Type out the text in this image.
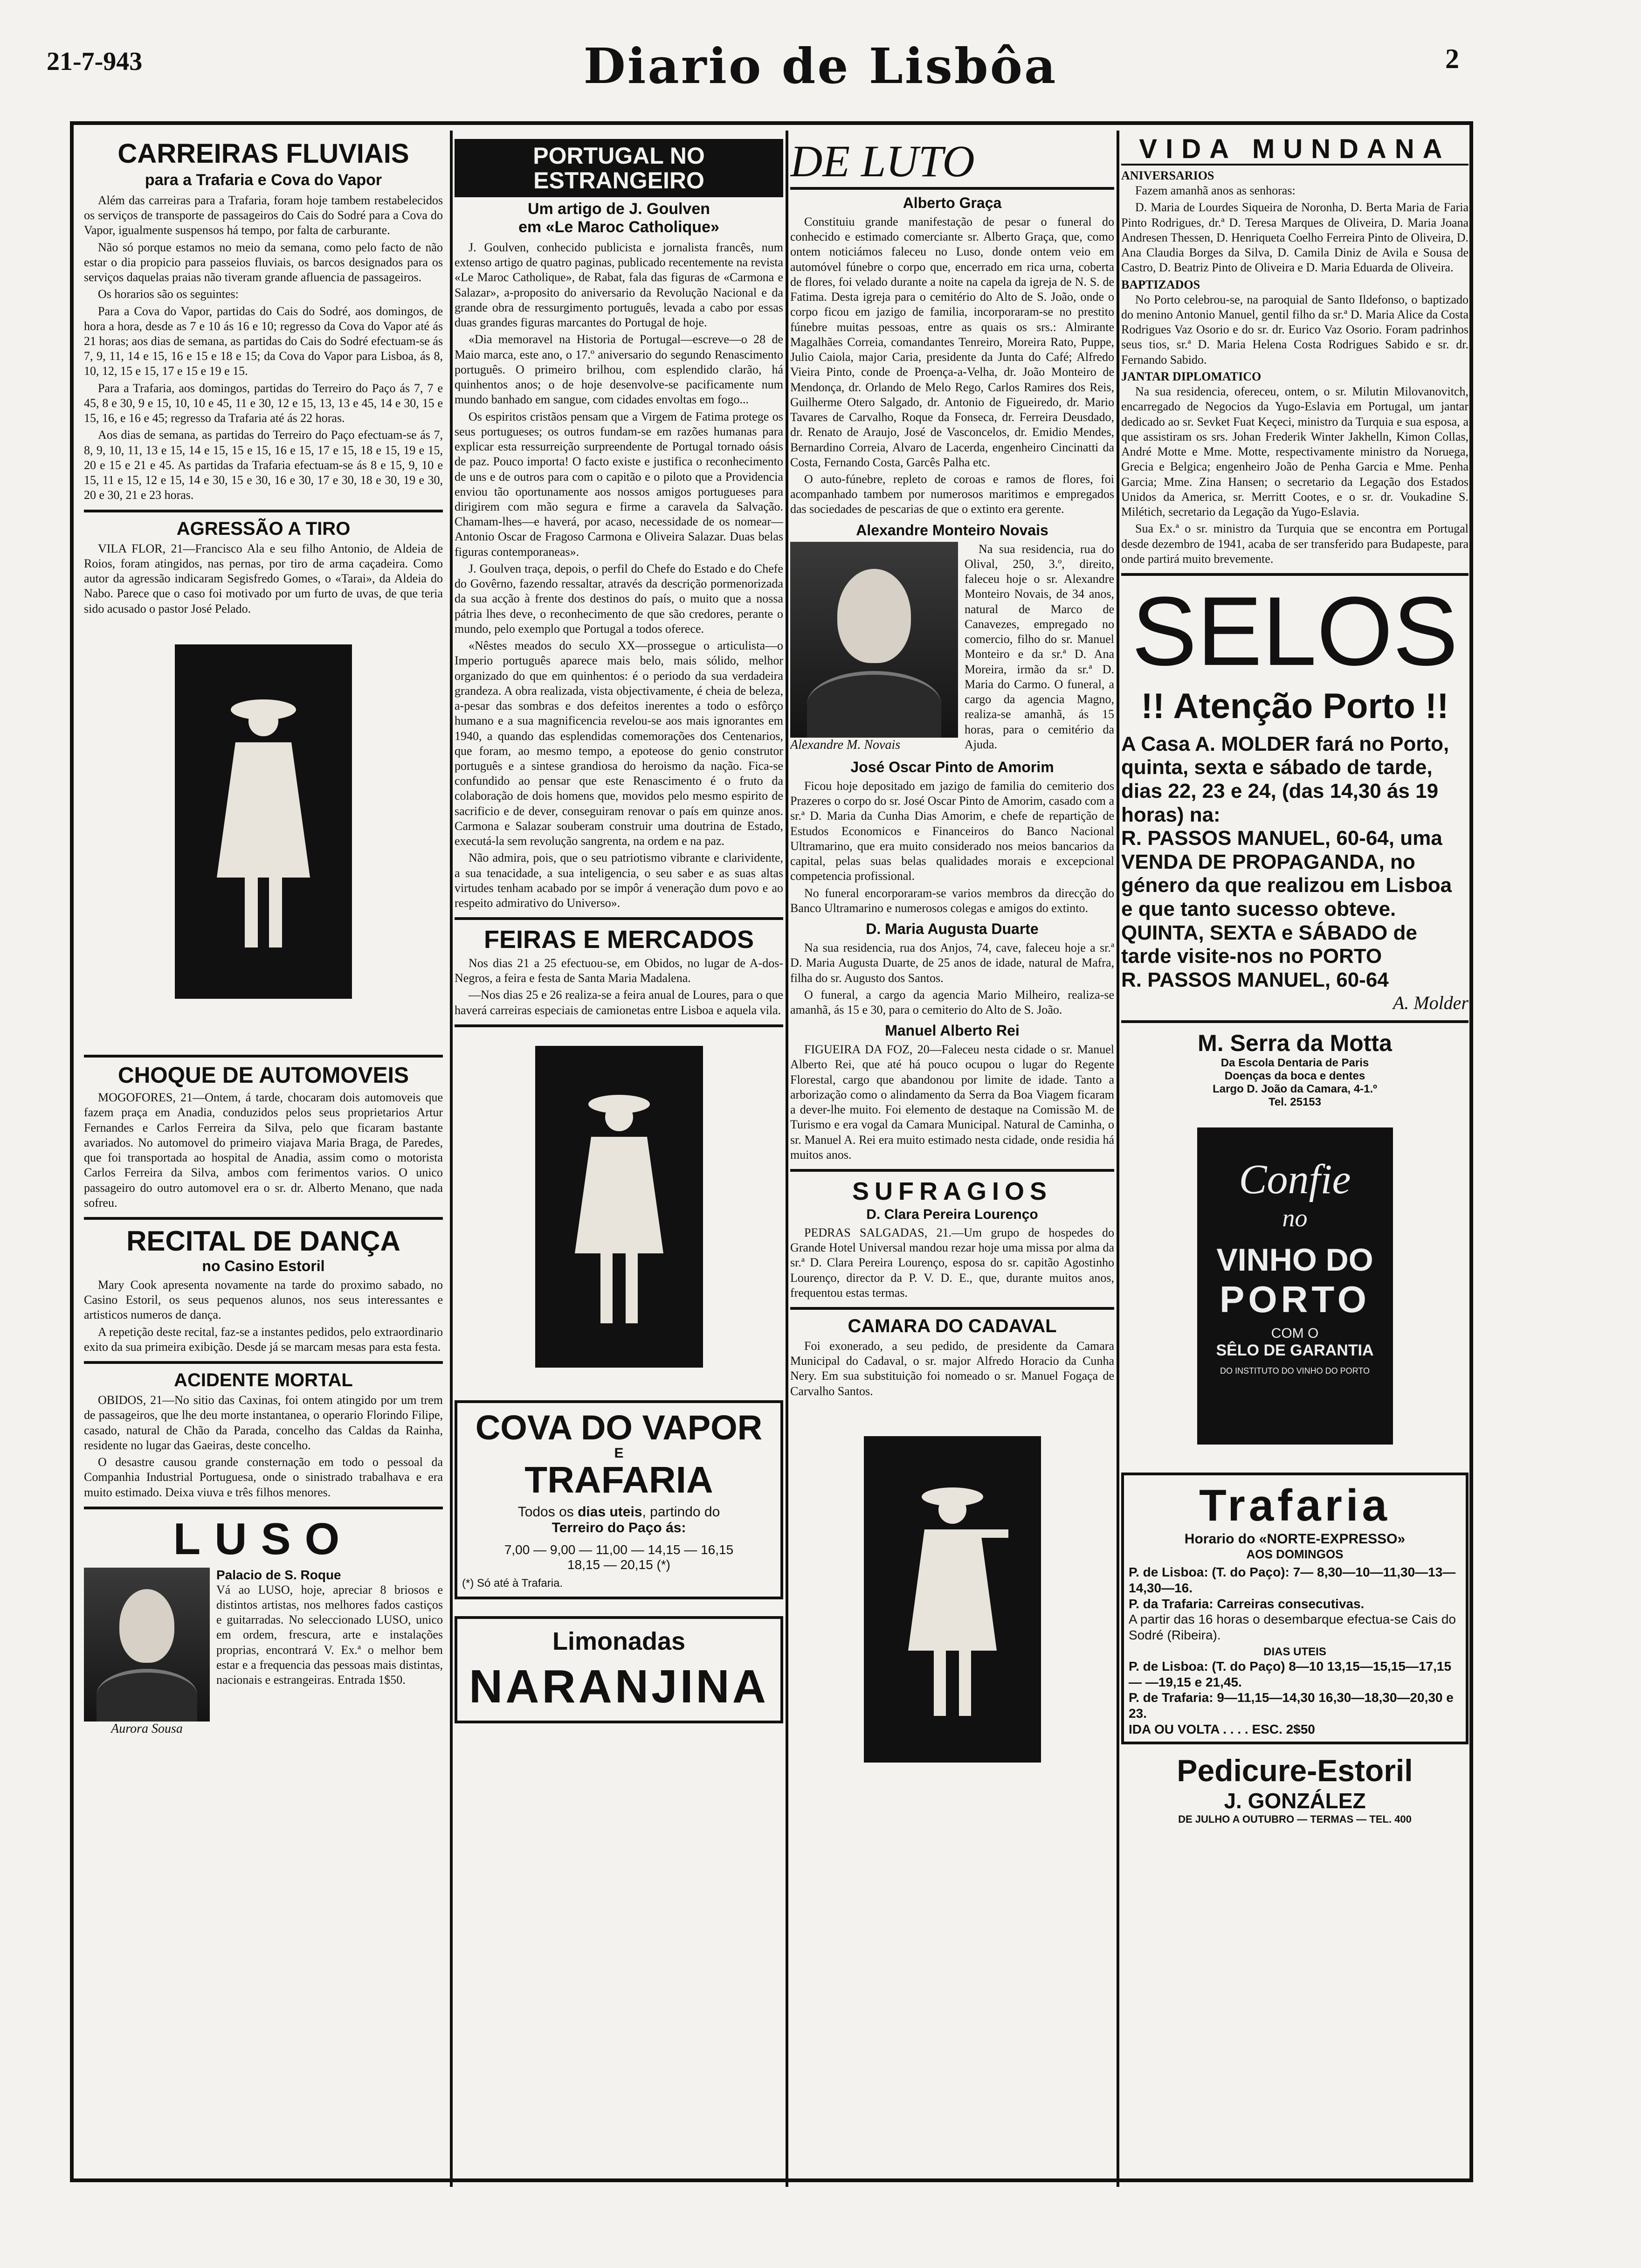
21-7-943	Diario de Lisbôa	2
CARREIRAS FLUVIAIS
para a Trafaria e Cova do Vapor

Além das carreiras para a Trafaria, foram hoje tambem restabelecidos os serviços de transporte de passageiros do Cais do Sodré para a Cova do Vapor, igualmente suspensos há tempo, por falta de carburante.

Não só porque estamos no meio da semana, como pelo facto de não estar o dia propicio para passeios fluviais, os barcos designados para os serviços daquelas praias não tiveram grande afluencia de passageiros.

Os horarios são os seguintes:

Para a Cova do Vapor, partidas do Cais do Sodré, aos domingos, de hora a hora, desde as 7 e 10 ás 16 e 10; regresso da Cova do Vapor até ás 21 horas; aos dias de semana, as partidas do Cais do Sodré efectuam-se ás 7, 9, 11, 14 e 15, 16 e 15 e 18 e 15; da Cova do Vapor para Lisboa, ás 8, 10, 12, 15 e 15, 17 e 15 e 19 e 15.

Para a Trafaria, aos domingos, partidas do Terreiro do Paço ás 7, 7 e 45, 8 e 30, 9 e 15, 10, 10 e 45, 11 e 30, 12 e 15, 13, 13 e 45, 14 e 30, 15 e 15, 16, e 16 e 45; regresso da Trafaria até ás 22 horas.

Aos dias de semana, as partidas do Terreiro do Paço efectuam-se ás 7, 8, 9, 10, 11, 13 e 15, 14 e 15, 15 e 15, 16 e 15, 17 e 15, 18 e 15, 19 e 15, 20 e 15 e 21 e 45. As partidas da Trafaria efectuam-se ás 8 e 15, 9, 10 e 15, 11 e 15, 12 e 15, 14 e 30, 15 e 30, 16 e 30, 17 e 30, 18 e 30, 19 e 30, 20 e 30, 21 e 23 horas.

AGRESSÃO A TIRO

VILA FLOR, 21—Francisco Ala e seu filho Antonio, de Aldeia de Roios, foram atingidos, nas pernas, por tiro de arma caçadeira. Como autor da agressão indicaram Segisfredo Gomes, o «Tarai», da Aldeia do Nabo. Parece que o caso foi motivado por um furto de uvas, de que teria sido acusado o pastor José Pelado.

CHOQUE DE AUTOMOVEIS

MOGOFORES, 21—Ontem, á tarde, chocaram dois automoveis que fazem praça em Anadia, conduzidos pelos seus proprietarios Artur Fernandes e Carlos Ferreira da Silva, pelo que ficaram bastante avariados. No automovel do primeiro viajava Maria Braga, de Paredes, que foi transportada ao hospital de Anadia, assim como o motorista Carlos Ferreira da Silva, ambos com ferimentos varios. O unico passageiro do outro automovel era o sr. dr. Alberto Menano, que nada sofreu.

RECITAL DE DANÇA
no Casino Estoril

Mary Cook apresenta novamente na tarde do proximo sabado, no Casino Estoril, os seus pequenos alunos, nos seus interessantes e artisticos numeros de dança.

A repetição deste recital, faz-se a instantes pedidos, pelo extraordinario exito da sua primeira exibição. Desde já se marcam mesas para esta festa.

ACIDENTE MORTAL

OBIDOS, 21—No sitio das Caxinas, foi ontem atingido por um trem de passageiros, que lhe deu morte instantanea, o operario Florindo Filipe, casado, natural de Chão da Parada, concelho das Caldas da Rainha, residente no lugar das Gaeiras, deste concelho.

O desastre causou grande consternação em todo o pessoal da Companhia Industrial Portuguesa, onde o sinistrado trabalhava e era muito estimado. Deixa viuva e três filhos menores.

LUSO
Aurora Sousa
Palacio de S. Roque
Vá ao LUSO, hoje, apreciar 8 briosos e distintos artistas, nos melhores fados castiços e guitarradas. No seleccionado LUSO, unico em ordem, frescura, arte e instalações proprias, encontrará V. Ex.ª o melhor bem estar e a frequencia das pessoas mais distintas, nacionais e estrangeiras. Entrada 1$50.
PORTUGAL NO ESTRANGEIRO
Um artigo de J. Goulven
em «Le Maroc Catholique»

J. Goulven, conhecido publicista e jornalista francês, num extenso artigo de quatro paginas, publicado recentemente na revista «Le Maroc Catholique», de Rabat, fala das figuras de «Carmona e Salazar», a-proposito do aniversario da Revolução Nacional e da grande obra de ressurgimento português, levada a cabo por essas duas grandes figuras marcantes do Portugal de hoje.

«Dia memoravel na Historia de Portugal—escreve—o 28 de Maio marca, este ano, o 17.º aniversario do segundo Renascimento português. O primeiro brilhou, com esplendido clarão, há quinhentos anos; o de hoje desenvolve-se pacificamente num mundo banhado em sangue, com cidades envoltas em fogo...

Os espiritos cristãos pensam que a Virgem de Fatima protege os seus portugueses; os outros fundam-se em razões humanas para explicar esta ressurreição surpreendente de Portugal tornado oásis de paz. Pouco importa! O facto existe e justifica o reconhecimento de uns e de outros para com o capitão e o piloto que a Providencia enviou tão oportunamente aos nossos amigos portugueses para dirigirem com mão segura e firme a caravela da Salvação. Chamam-lhes—e haverá, por acaso, necessidade de os nomear—Antonio Oscar de Fragoso Carmona e Oliveira Salazar. Duas belas figuras contemporaneas».

J. Goulven traça, depois, o perfil do Chefe do Estado e do Chefe do Govêrno, fazendo ressaltar, através da descrição pormenorizada da sua acção à frente dos destinos do país, o muito que a nossa pátria lhes deve, o reconhecimento de que são credores, perante o mundo, pelo exemplo que Portugal a todos oferece.

«Nêstes meados do seculo XX—prossegue o articulista—o Imperio português aparece mais belo, mais sólido, melhor organizado do que em quinhentos: é o periodo da sua verdadeira grandeza. A obra realizada, vista objectivamente, é cheia de beleza, a-pesar das sombras e dos defeitos inerentes a todo o esfôrço humano e a sua magnificencia revelou-se aos mais ignorantes em 1940, a quando das esplendidas comemorações dos Centenarios, que foram, ao mesmo tempo, a epoteose do genio construtor português e a sintese grandiosa do heroismo da nação. Fica-se confundido ao pensar que este Renascimento é o fruto da colaboração de dois homens que, movidos pelo mesmo espirito de sacrificio e de dever, conseguiram renovar o país em quinze anos. Carmona e Salazar souberam construir uma doutrina de Estado, executá-la sem revolução sangrenta, na ordem e na paz.

Não admira, pois, que o seu patriotismo vibrante e clarividente, a sua tenacidade, a sua inteligencia, o seu saber e as suas altas virtudes tenham acabado por se impôr á veneração dum povo e ao respeito admirativo do Universo».

FEIRAS E MERCADOS

Nos dias 21 a 25 efectuou-se, em Obidos, no lugar de A-dos-Negros, a feira e festa de Santa Maria Madalena.

—Nos dias 25 e 26 realiza-se a feira anual de Loures, para o que haverá carreiras especiais de camionetas entre Lisboa e aquela vila.

COVA DO VAPOR
E
TRAFARIA
Todos os dias uteis, partindo do
Terreiro do Paço ás:
7,00 — 9,00 — 11,00 — 14,15 — 16,15
18,15 — 20,15 (*)
(*) Só até à Trafaria.
Limonadas
NARANJINA
DE LUTO
Alberto Graça

Constituiu grande manifestação de pesar o funeral do conhecido e estimado comerciante sr. Alberto Graça, que, como ontem noticiámos faleceu no Luso, donde ontem veio em automóvel fúnebre o corpo que, encerrado em rica urna, coberta de flores, foi velado durante a noite na capela da igreja de N. S. de Fatima. Desta igreja para o cemitério do Alto de S. João, onde o corpo ficou em jazigo de familia, incorporaram-se no prestito fúnebre muitas pessoas, entre as quais os srs.: Almirante Magalhães Correia, comandantes Tenreiro, Moreira Rato, Puppe, Julio Caiola, major Caria, presidente da Junta do Café; Alfredo Vieira Pinto, conde de Proença-a-Velha, dr. João Monteiro de Mendonça, dr. Orlando de Melo Rego, Carlos Ramires dos Reis, Guilherme Otero Salgado, dr. Antonio de Figueiredo, dr. Mario Tavares de Carvalho, Roque da Fonseca, dr. Ferreira Deusdado, dr. Renato de Araujo, José de Vasconcelos, dr. Emidio Mendes, Bernardino Correia, Alvaro de Lacerda, engenheiro Cincinatti da Costa, Fernando Costa, Garcês Palha etc.

O auto-fúnebre, repleto de coroas e ramos de flores, foi acompanhado tambem por numerosos maritimos e empregados das sociedades de pescarias de que o extinto era gerente.

Alexandre Monteiro Novais
Alexandre M. Novais

Na sua residencia, rua do Olival, 250, 3.º, direito, faleceu hoje o sr. Alexandre Monteiro Novais, de 34 anos, natural de Marco de Canavezes, empregado no comercio, filho do sr. Manuel Monteiro e da sr.ª D. Ana Moreira, irmão da sr.ª D. Maria do Carmo. O funeral, a cargo da agencia Magno, realiza-se amanhã, ás 15 horas, para o cemitério da Ajuda.

José Oscar Pinto de Amorim

Ficou hoje depositado em jazigo de familia do cemiterio dos Prazeres o corpo do sr. José Oscar Pinto de Amorim, casado com a sr.ª D. Maria da Cunha Dias Amorim, e chefe de repartição de Estudos Economicos e Financeiros do Banco Nacional Ultramarino, que era muito considerado nos meios bancarios da capital, pelas suas belas qualidades morais e excepcional competencia profissional.

No funeral encorporaram-se varios membros da direcção do Banco Ultramarino e numerosos colegas e amigos do extinto.

D. Maria Augusta Duarte

Na sua residencia, rua dos Anjos, 74, cave, faleceu hoje a sr.ª D. Maria Augusta Duarte, de 25 anos de idade, natural de Mafra, filha do sr. Augusto dos Santos.

O funeral, a cargo da agencia Mario Milheiro, realiza-se amanhã, ás 15 e 30, para o cemiterio do Alto de S. João.

Manuel Alberto Rei

FIGUEIRA DA FOZ, 20—Faleceu nesta cidade o sr. Manuel Alberto Rei, que até há pouco ocupou o lugar do Regente Florestal, cargo que abandonou por limite de idade. Tanto a arborização como o alindamento da Serra da Boa Viagem ficaram a dever-lhe muito. Foi elemento de destaque na Comissão M. de Turismo e era vogal da Camara Municipal. Natural de Caminha, o sr. Manuel A. Rei era muito estimado nesta cidade, onde residia há muitos anos.

SUFRAGIOS
D. Clara Pereira Lourenço

PEDRAS SALGADAS, 21.—Um grupo de hospedes do Grande Hotel Universal mandou rezar hoje uma missa por alma da sr.ª D. Clara Pereira Lourenço, esposa do sr. capitão Agostinho Lourenço, director da P. V. D. E., que, durante muitos anos, frequentou estas termas.

CAMARA DO CADAVAL

Foi exonerado, a seu pedido, de presidente da Camara Municipal do Cadaval, o sr. major Alfredo Horacio da Cunha Nery. Em sua substituição foi nomeado o sr. Manuel Fogaça de Carvalho Santos.

VIDA MUNDANA
ANIVERSARIOS

Fazem amanhã anos as senhoras:

D. Maria de Lourdes Siqueira de Noronha, D. Berta Maria de Faria Pinto Rodrigues, dr.ª D. Teresa Marques de Oliveira, D. Maria Joana Andresen Thessen, D. Henriqueta Coelho Ferreira Pinto de Oliveira, D. Ana Claudia Borges da Silva, D. Camila Diniz de Avila e Sousa de Castro, D. Beatriz Pinto de Oliveira e D. Maria Eduarda de Oliveira.

BAPTIZADOS

No Porto celebrou-se, na paroquial de Santo Ildefonso, o baptizado do menino Antonio Manuel, gentil filho da sr.ª D. Maria Alice da Costa Rodrigues Vaz Osorio e do sr. dr. Eurico Vaz Osorio. Foram padrinhos seus tios, sr.ª D. Maria Helena Costa Rodrigues Sabido e sr. dr. Fernando Sabido.

JANTAR DIPLOMATICO

Na sua residencia, ofereceu, ontem, o sr. Milutin Milovanovitch, encarregado de Negocios da Yugo-Eslavia em Portugal, um jantar dedicado ao sr. Sevket Fuat Keçeci, ministro da Turquia e sua esposa, a que assistiram os srs. Johan Frederik Winter Jakhelln, Kimon Collas, André Motte e Mme. Motte, respectivamente ministro da Noruega, Grecia e Belgica; engenheiro João de Penha Garcia e Mme. Penha Garcia; Mme. Zina Hansen; o secretario da Legação dos Estados Unidos da America, sr. Merritt Cootes, e o sr. dr. Voukadine S. Milétich, secretario da Legação da Yugo-Eslavia.

Sua Ex.ª o sr. ministro da Turquia que se encontra em Portugal desde dezembro de 1941, acaba de ser transferido para Budapeste, para onde partirá muito brevemente.

SELOS
!! Atenção Porto !!
A Casa A. MOLDER fará no Porto, quinta, sexta e sábado de tarde, dias 22, 23 e 24, (das 14,30 ás 19 horas) na:
R. PASSOS MANUEL, 60-64, uma VENDA DE PROPAGANDA, no género da que realizou em Lisboa e que tanto sucesso obteve.
QUINTA, SEXTA e SÁBADO de tarde visite-nos no PORTO
R. PASSOS MANUEL, 60-64
A. Molder
M. Serra da Motta
Da Escola Dentaria de Paris
Doenças da boca e dentes
Largo D. João da Camara, 4-1.º
Tel. 25153
Confie
no
VINHO DO
PORTO
COM O
SÊLO DE GARANTIA
DO INSTITUTO DO VINHO DO PORTO
Trafaria
Horario do «NORTE-EXPRESSO»
AOS DOMINGOS
P. de Lisboa: (T. do Paço): 7— 8,30—10—11,30—13—14,30—16.
P. da Trafaria: Carreiras consecutivas.
A partir das 16 horas o desembarque efectua-se Cais do Sodré (Ribeira).
DIAS UTEIS
P. de Lisboa: (T. do Paço) 8—10 13,15—15,15—17,15— —19,15 e 21,45.
P. de Trafaria: 9—11,15—14,30 16,30—18,30—20,30 e 23.
IDA OU VOLTA . . . . ESC. 2$50
Pedicure-Estoril
J. GONZÁLEZ
DE JULHO A OUTUBRO — TERMAS — TEL. 400
